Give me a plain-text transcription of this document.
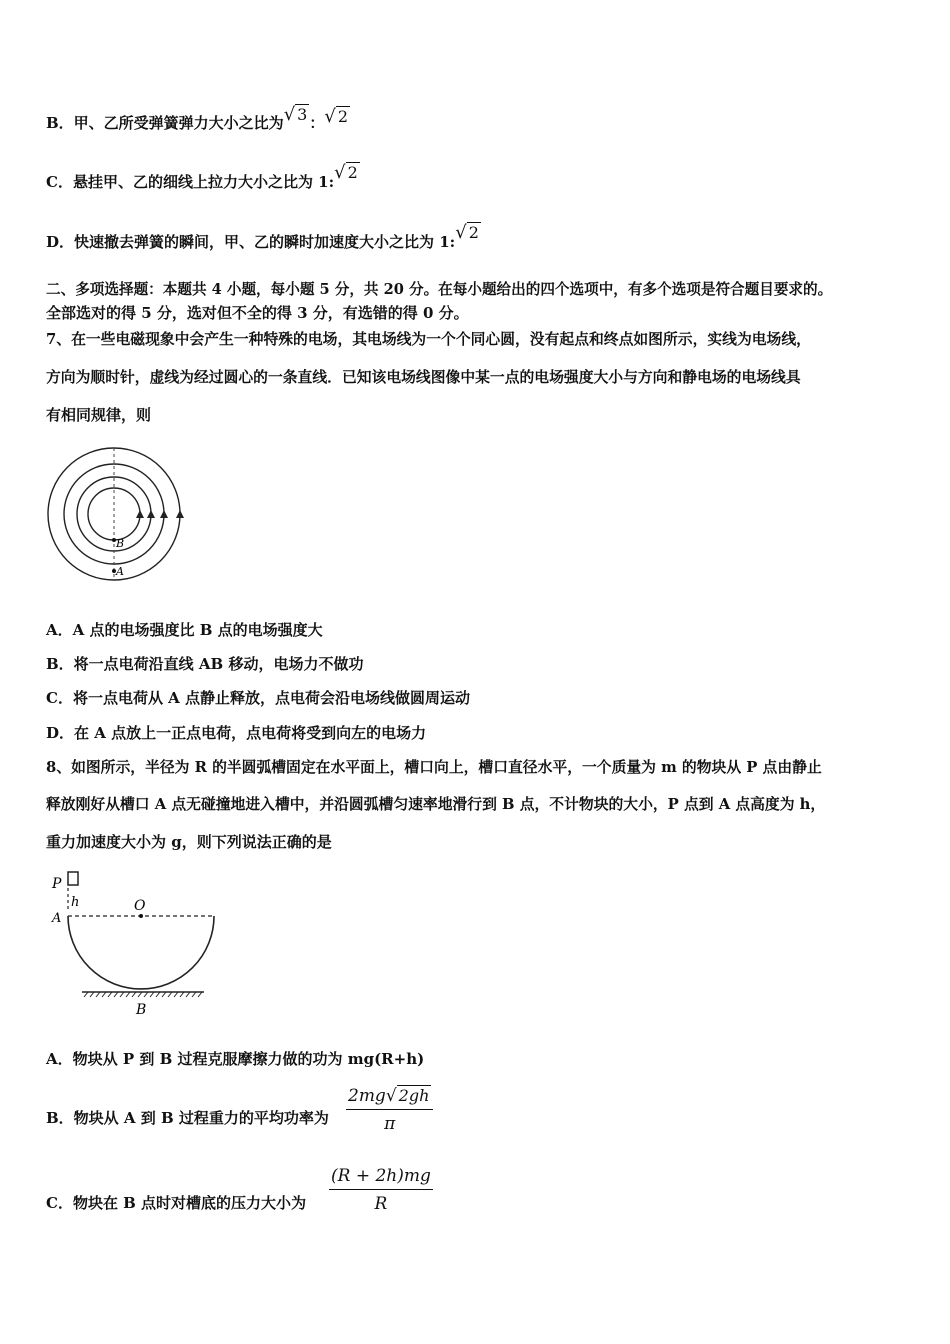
B．甲、乙所受弹簧弹力大小之比为√ 3 ：√ 2
C．悬挂甲、乙的细线上拉力大小之比为 1:√ 2
D．快速撤去弹簧的瞬间，甲、乙的瞬时加速度大小之比为 1:√ 2
二、多项选择题：本题共 4 小题，每小题 5 分，共 20 分。在每小题给出的四个选项中，有多个选项是符合题目要求的。
全部选对的得 5 分，选对但不全的得 3 分，有选错的得 0 分。
7、在一些电磁现象中会产生一种特殊的电场，其电场线为一个个同心圆，没有起点和终点如图所示，实线为电场线，
方向为顺时针，虚线为经过圆心的一条直线．已知该电场线图像中某一点的电场强度大小与方向和静电场的电场线具
有相同规律，则
B
A
A．A 点的电场强度比 B 点的电场强度大
B．将一点电荷沿直线 AB 移动，电场力不做功
C．将一点电荷从 A 点静止释放，点电荷会沿电场线做圆周运动
D．在 A 点放上一正点电荷，点电荷将受到向左的电场力
8、如图所示，半径为 R 的半圆弧槽固定在水平面上，槽口向上，槽口直径水平，一个质量为 m 的物块从 P 点由静止
释放刚好从槽口 A 点无碰撞地进入槽中，并沿圆弧槽匀速率地滑行到 B 点，不计物块的大小，P 点到 A 点高度为 h，
重力加速度大小为 g，则下列说法正确的是
P
h
A
O
B
A．物块从 P 到 B 过程克服摩擦力做的功为 mg(R+h)
B．物块从 A 到 B 过程重力的平均功率为 $\frac{2mg√ 2gh}{\pi}$
C．物块在 B 点时对槽底的压力大小为 $\frac{(R + 2h)mg}{R}$
